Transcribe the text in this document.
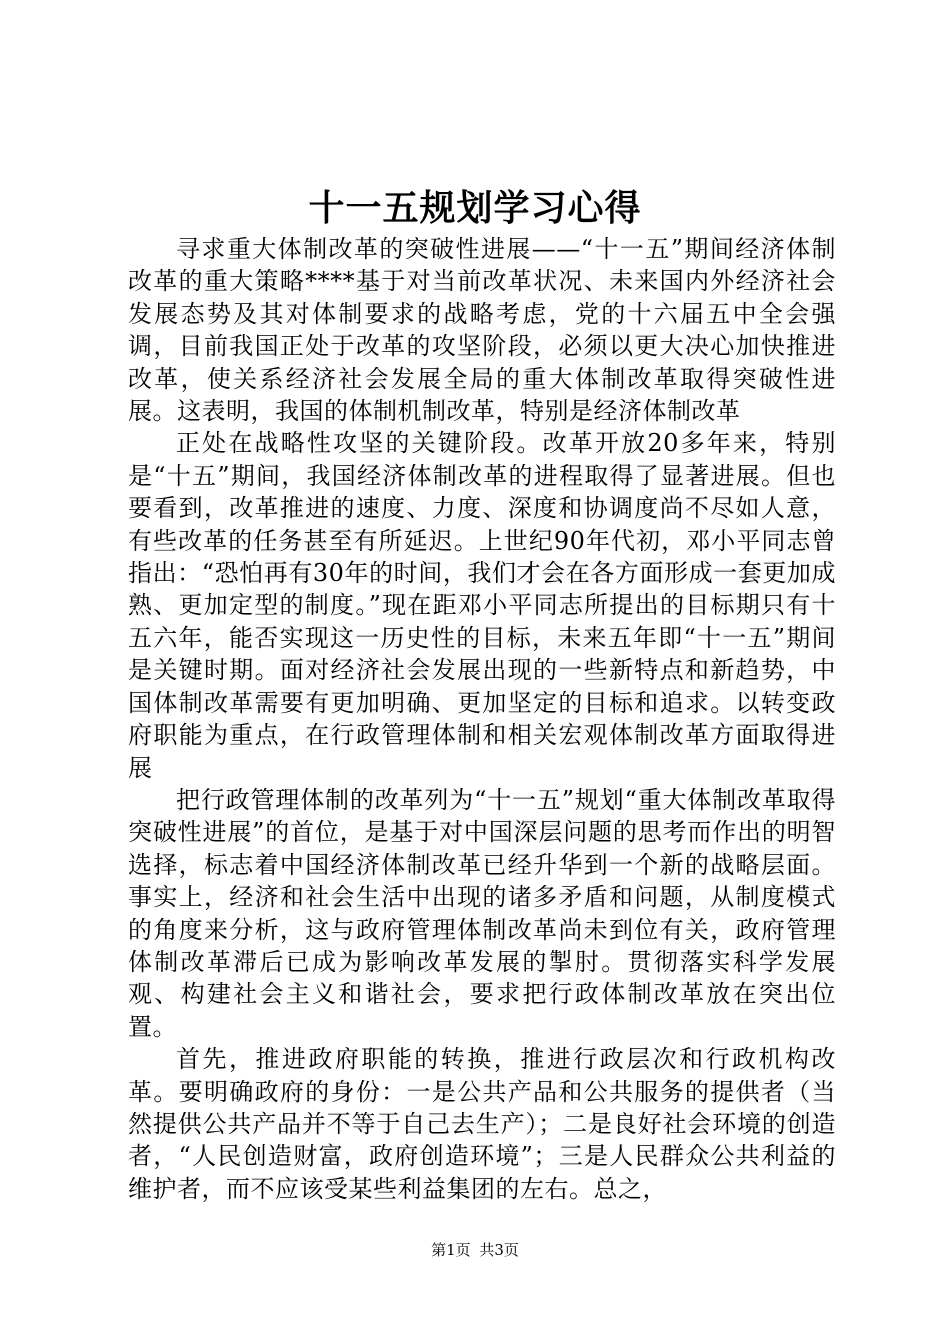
十一五规划学习心得

寻求重大体制改革的突破性进展——“十一五”期间经济体制改革的重大策略****基于对当前改革状况、未来国内外经济社会发展态势及其对体制要求的战略考虑，党的十六届五中全会强调，目前我国正处于改革的攻坚阶段，必须以更大决心加快推进改革，使关系经济社会发展全局的重大体制改革取得突破性进展。这表明，我国的体制机制改革，特别是经济体制改革

正处在战略性攻坚的关键阶段。改革开放20多年来，特别是“十五”期间，我国经济体制改革的进程取得了显著进展。但也要看到，改革推进的速度、力度、深度和协调度尚不尽如人意，有些改革的任务甚至有所延迟。上世纪90年代初，邓小平同志曾指出：“恐怕再有30年的时间，我们才会在各方面形成一套更加成熟、更加定型的制度。”现在距邓小平同志所提出的目标期只有十五六年，能否实现这一历史性的目标，未来五年即“十一五”期间是关键时期。面对经济社会发展出现的一些新特点和新趋势，中国体制改革需要有更加明确、更加坚定的目标和追求。以转变政府职能为重点，在行政管理体制和相关宏观体制改革方面取得进展

把行政管理体制的改革列为“十一五”规划“重大体制改革取得突破性进展”的首位，是基于对中国深层问题的思考而作出的明智选择，标志着中国经济体制改革已经升华到一个新的战略层面。事实上，经济和社会生活中出现的诸多矛盾和问题，从制度模式的角度来分析，这与政府管理体制改革尚未到位有关，政府管理体制改革滞后已成为影响改革发展的掣肘。贯彻落实科学发展观、构建社会主义和谐社会，要求把行政体制改革放在突出位置。

首先，推进政府职能的转换，推进行政层次和行政机构改革。要明确政府的身份：一是公共产品和公共服务的提供者（当然提供公共产品并不等于自己去生产）；二是良好社会环境的创造者，“人民创造财富，政府创造环境”；三是人民群众公共利益的维护者，而不应该受某些利益集团的左右。总之，

第1页 共3页
